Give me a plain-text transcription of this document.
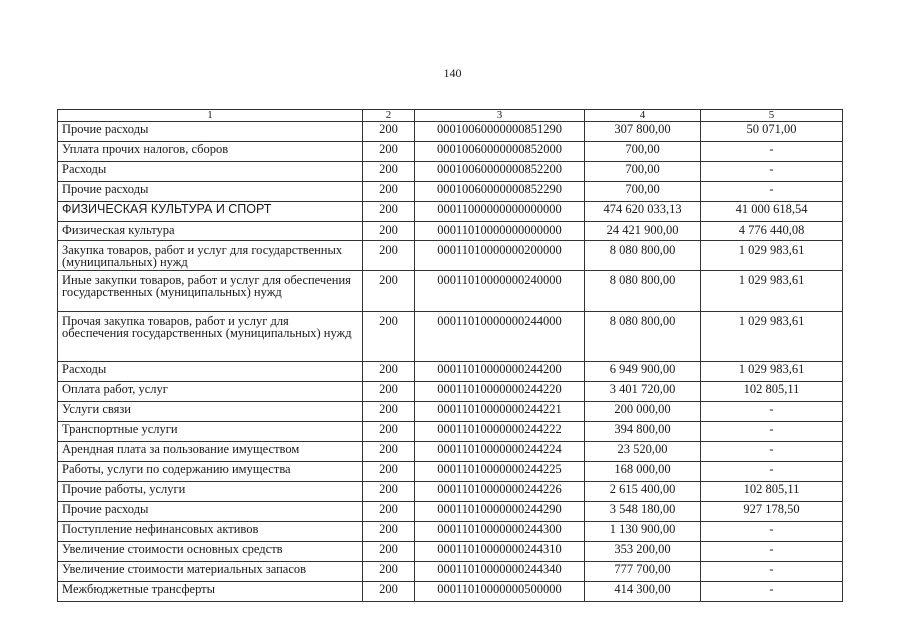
140
1	2	3	4	5
Прочие расходы	200	00010060000000851290	307 800,00	50 071,00
Уплата прочих налогов, сборов	200	00010060000000852000	700,00	-
Расходы	200	00010060000000852200	700,00	-
Прочие расходы	200	00010060000000852290	700,00	-
ФИЗИЧЕСКАЯ КУЛЬТУРА И СПОРТ	200	00011000000000000000	474 620 033,13	41 000 618,54
Физическая культура	200	00011010000000000000	24 421 900,00	4 776 440,08
Закупка товаров, работ и услуг для государственных (муниципальных) нужд	200	00011010000000200000	8 080 800,00	1 029 983,61
Иные закупки товаров, работ и услуг для обеспечения государственных (муниципальных) нужд	200	00011010000000240000	8 080 800,00	1 029 983,61
Прочая закупка товаров, работ и услуг для обеспечения государственных (муниципальных) нужд	200	00011010000000244000	8 080 800,00	1 029 983,61
Расходы	200	00011010000000244200	6 949 900,00	1 029 983,61
Оплата работ, услуг	200	00011010000000244220	3 401 720,00	102 805,11
Услуги связи	200	00011010000000244221	200 000,00	-
Транспортные услуги	200	00011010000000244222	394 800,00	-
Арендная плата за пользование имуществом	200	00011010000000244224	23 520,00	-
Работы, услуги по содержанию имущества	200	00011010000000244225	168 000,00	-
Прочие работы, услуги	200	00011010000000244226	2 615 400,00	102 805,11
Прочие расходы	200	00011010000000244290	3 548 180,00	927 178,50
Поступление нефинансовых активов	200	00011010000000244300	1 130 900,00	-
Увеличение стоимости основных средств	200	00011010000000244310	353 200,00	-
Увеличение стоимости материальных запасов	200	00011010000000244340	777 700,00	-
Межбюджетные трансферты	200	00011010000000500000	414 300,00	-
